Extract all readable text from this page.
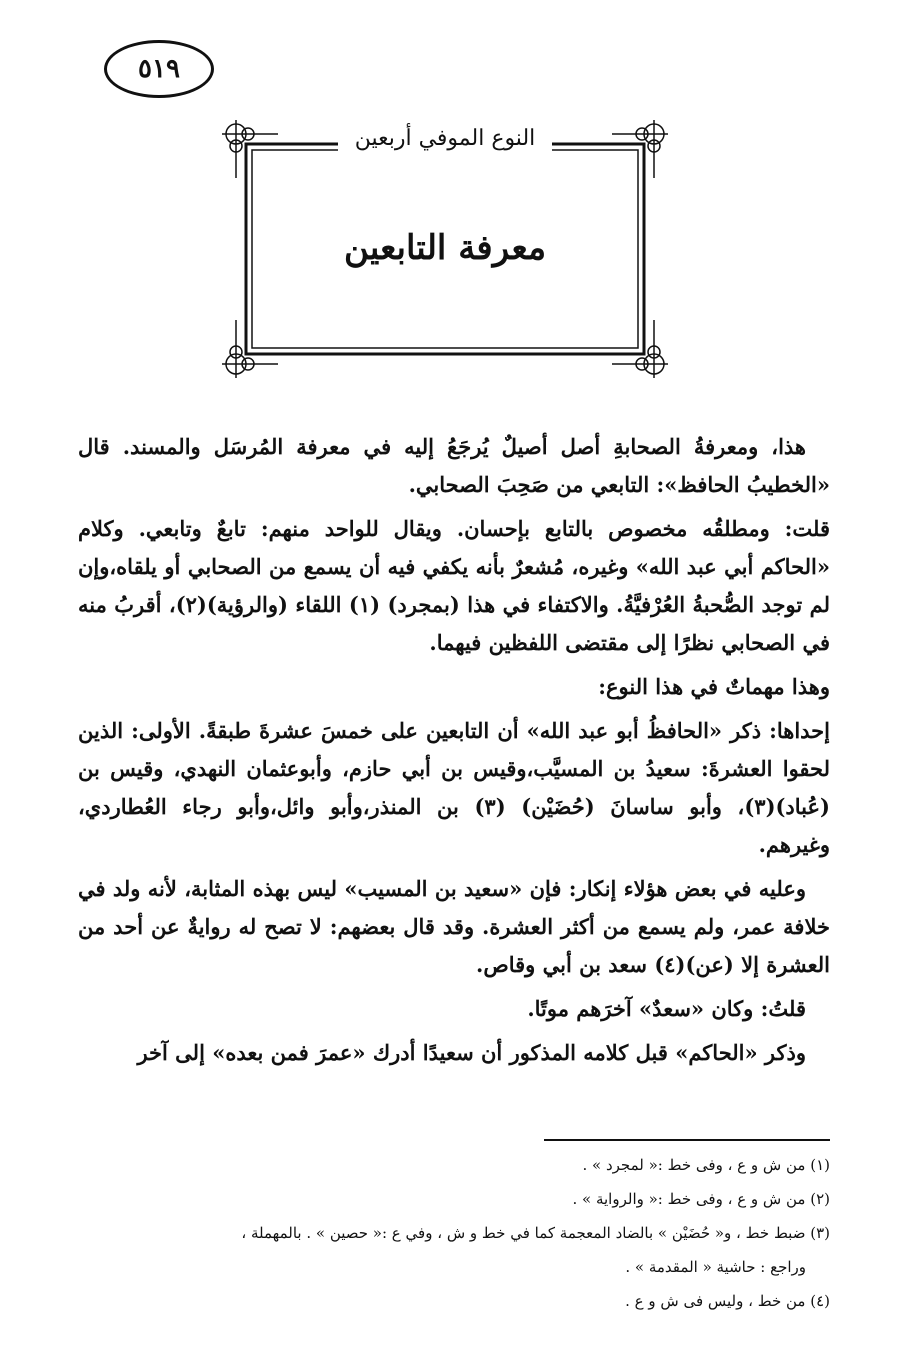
٥١٩
النوع الموفي أربعين
معرفة التابعين

هذا، ومعرفةُ الصحابةِ أصل أصيلٌ يُرجَعُ إليه في معرفة المُرسَل والمسند. قال «الخطيبُ الحافظ»: التابعي من صَحِبَ الصحابي.

قلت: ومطلقُه مخصوص بالتابع بإحسان. ويقال للواحد منهم: تابعٌ وتابعي. وكلام «الحاكم أبي عبد الله» وغيره، مُشعرٌ بأنه يكفي فيه أن يسمع من الصحابي أو يلقاه،وإن لم توجد الصُّحبةُ العُرْفيَّةُ. والاكتفاء في هذا (بمجرد) (١) اللقاء (والرؤية)(٢)، أقربُ منه في الصحابي نظرًا إلى مقتضى اللفظين فيهما.

وهذا مهماتٌ في هذا النوع:

إحداها: ذكر «الحافظُ أبو عبد الله» أن التابعين على خمسَ عشرةَ طبقةً. الأولى: الذين لحقوا العشرةَ: سعيدُ بن المسيَّب،وقيس بن أبي حازم، وأبوعثمان النهدي، وقيس بن (عُباد)(٣)، وأبو ساسانَ (حُضَيْن) (٣) بن المنذر،وأبو وائل،وأبو رجاء العُطاردي، وغيرهم.

وعليه في بعض هؤلاء إنكار: فإن «سعيد بن المسيب» ليس بهذه المثابة، لأنه ولد في خلافة عمر، ولم يسمع من أكثر العشرة. وقد قال بعضهم: لا تصح له روايةٌ عن أحد من العشرة إلا (عن)(٤) سعد بن أبي وقاص.

قلتُ: وكان «سعدٌ» آخرَهم موتًا.

وذكر «الحاكم» قبل كلامه المذكور أن سعيدًا أدرك «عمرَ فمن بعده» إلى آخر

(١) من ش و ع ، وفى خط :« لمجرد » .
(٢) من ش و ع ، وفى خط :« والرواية » .
(٣) ضبط خط ، و« حُضَيْن » بالضاد المعجمة كما في خط و ش ، وفي ع :« حصين » . بالمهملة ،
وراجع : حاشية « المقدمة » .
(٤) من خط ، وليس فى ش و ع .
